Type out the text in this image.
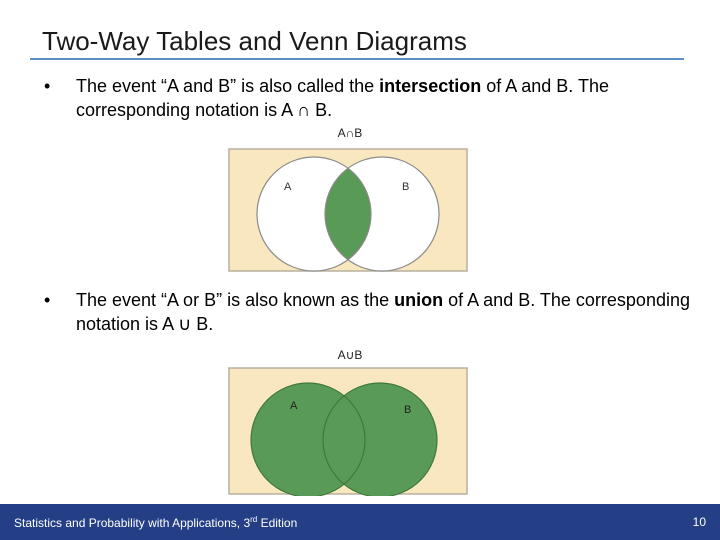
Two-Way Tables and Venn Diagrams
• The event “A and B” is also called the intersection of A and B. The corresponding notation is A ∩ B.
A∩B
A	B
• The event “A or B” is also known as the union of A and B. The corresponding notation is A ∪ B.
A∪B
A	B
Statistics and Probability with Applications, 3rd Edition	10
